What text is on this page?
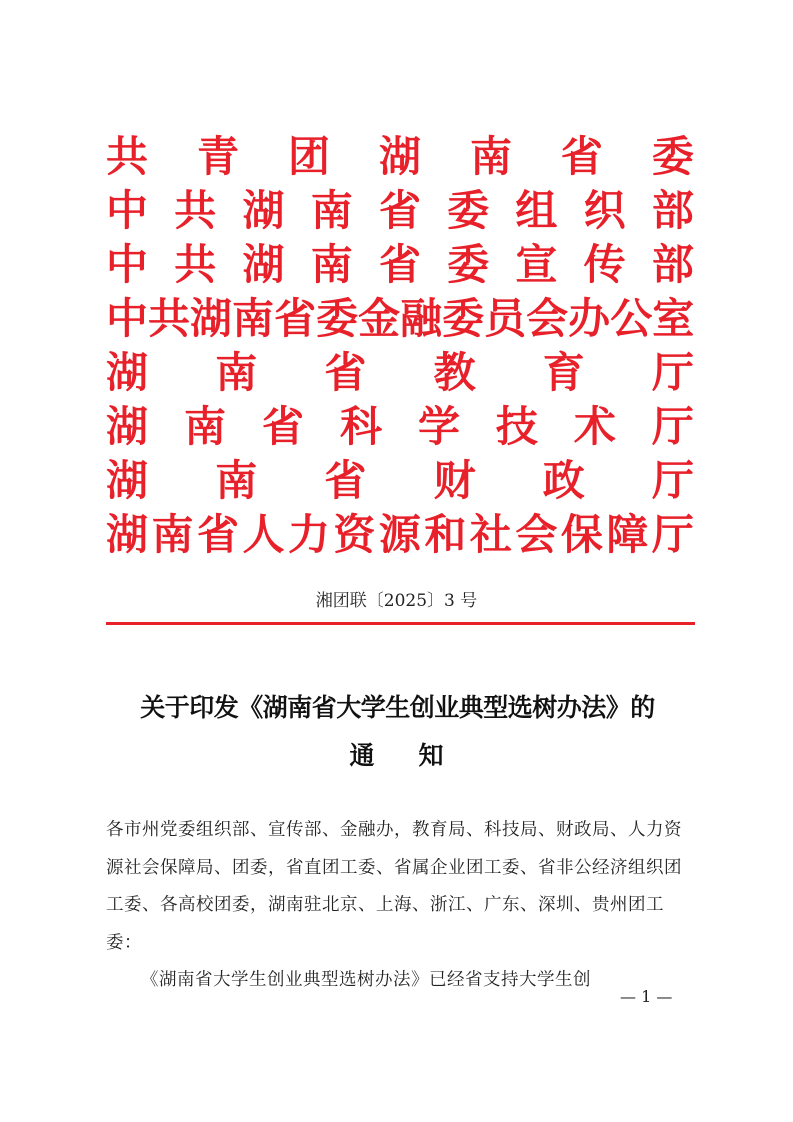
共 青 团 湖 南 省 委
中 共 湖 南 省 委 组 织 部
中 共 湖 南 省 委 宣 传 部
中 共 湖 南 省 委 金 融 委 员 会 办 公 室
湖 南 省 教 育 厅
湖 南 省 科 学 技 术 厅
湖 南 省 财 政 厅
湖 南 省 人 力 资 源 和 社 会 保 障 厅
湘团联〔2025〕3 号
关于印发《湖南省大学生创业典型选树办法》的
通 知

各市州党委组织部、宣传部、金融办，教育局、科技局、财政局、人力资源社会保障局、团委，省直团工委、省属企业团工委、省非公经济组织团工委、各高校团委，湖南驻北京、上海、浙江、广东、深圳、贵州团工委：

《湖南省大学生创业典型选树办法》已经省支持大学生创

— 1 —
